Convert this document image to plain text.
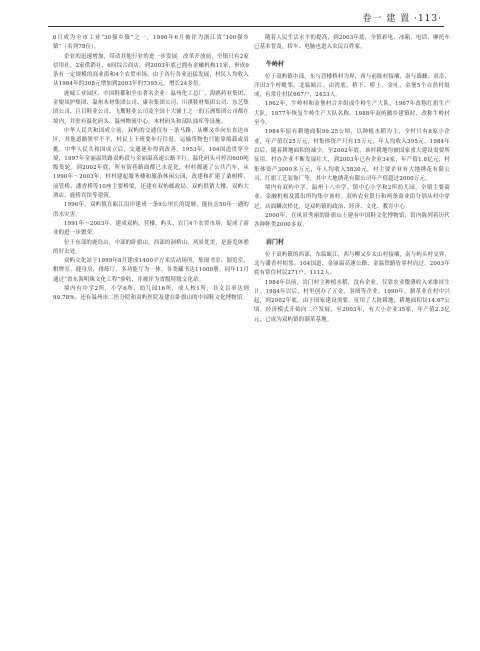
卷一 建 置 ·113·

6月成为全市工业“30强乡镇”之一，1996年6月被评为浙江省“100强乡镇”（名列78位）。

企业的迅速增加，带动其他行业的进一步发展。改革开放前，全镇只有2家信用社，2家供销社，6间综合商店。到2003年底已拥有金融机构11家，形成9条有一定规模的商业街和4个农贸市场。由于各行各业迅猛发展，村民人均收入从1984年的308元增加到2003年的7395元，增长24多倍。

鹿城工业园区、中国鞋都和全市著名企业：温州化工总厂、海鸥药业集团、金娘凤护集团、温州木材集团公司、康奈集团公司、川祺鞋材集团公司、东艺集团公司、巨目鞋业公司、飞鹰鞋业公司及全国十大铺王之一的五洲集团公司都在境内，并驻有温化码头、温州物流中心、木材码头和部队油库等设施。

中华人民共和国成立前，双屿的交通仅有一条马路，从柳又乡向东直达市区，其他道路狭窄不平，村民上下班要步行往返，运输货物也只能靠船载或肩挑。中华人民共和国成立后，交通逐步得到改善。1953年，104国道贯穿全境，1997年金丽温铁路双屿段与金丽温高速公路平行。温化码头可停泊600吨级货轮。到2002年底，所有街巷路面都已水泥化，村村都通了公共汽车，从1990年～2003年，村村建起服务楼和旅游休闲公园，改建和扩建了桑树桥、前管桥、潘香桥等10座主要桥梁，还建有双屿邮政局、双屿供销大楼、双屿大酒店、鹿桥宾馆等建筑。

1996年，双屿镇在瓯江沿岸建成一条9公里长的堤塘，能抗击50年一遇的洪水灾害。

1991年～2003年，建成双屿、营楼、屿头、岩门4个农贸市场，促成了商业的进一步繁荣。

位于东部的鹿岛山，中部的卧旗山，西部的洞桥山，风景优美，是游览休憩的好去处。

双屿文化站于1999年8月建成1400平方米活动场所，集图书室、阅览室、棋牌室、健身房、排练厅、多功能厅为一体，各类藏书达11000册。同年11月通过“省东海明珠文化工程”验收，并被评为省级特级文化站。

境内有中学2所，小学6所，幼儿园16所，成人校1所，非文盲率达到99.78%。还有温州市二医分院和双屿医院及建在卧旗山的中国鞋文化博物馆。

随着人民生活水平的提高，到2003年底，全镇彩电、冰箱、电话、摩托车已基本普及，轿车、电脑也进入农民百姓家。

牛岭村

位于双屿镇中部，东与营楼桥村为界，西与前陈村接壤，南与墙蜂、双岙、洋田3个村毗邻，北临瓯江。由湾底、桥下、桥上、金吐、金堡5个自然村组成，有常住村民667户，2433人。

1962年，牛岭村和金堡村合并组成牛岭生产大队，1967年改称红旗生产大队，1977年恢复牛岭生产大队名称，1988年双屿撤乡建镇时，改称牛岭村至今。

1984年原有耕地面积99.25公顷，以种植水稻为主，全村只有8家小企业，年产值仅25万元，村集体资产只有15万元，年人均收入395元。1984年以后，随着耕地面积的减少，至2002年底，该村耕地均被国家重大建设需要所征用。村办企业不断发展壮大，到2003年已有企业34家，年产值1.8亿元，村集体资产3000多万元，年人均收入5830元，村主要企业有大地绣花有限公司、红旗工艺装饰厂等，其中大地绣花有限公司年产值超过2000万元。

境内有双屿中学、温州十八中学、镇中心小学和2所幼儿园，全镇主要商业、金融机构及派出所均集中该村。双屿农业银行和两条商业街分别从村中穿过，店面鳞次栉比，是双屿镇的政治、经济、文化、教育中心。

2000年，在风景秀丽的卧旗山上建有中国鞋文化博物馆，馆内陈列着历代各种鞋类2000多双。

岩门村

位于双屿镇的西部，东临瓯江，西与柳又乡太山村接壤，南与屿头村交界，北与潘香村相邻。104国道、金丽温高速公路、金温铁路皆穿村而过。2003年底有常住村民271户，1112人。

1984年以前，岩门村主种植水稻，没有企业，仅靠农业微薄收入来维持生计。1984年以后，村里创办了五金、羽绒等企业。1990年，制革业在村中兴起，到2002年底，由于国家建设需要，征用了大批耕地，耕地面积仅14.67公顷。经济模式开始向二产发展，至2003年，有大小企业35家，年产值2.3亿元，已成为双屿镇的制革基地。
